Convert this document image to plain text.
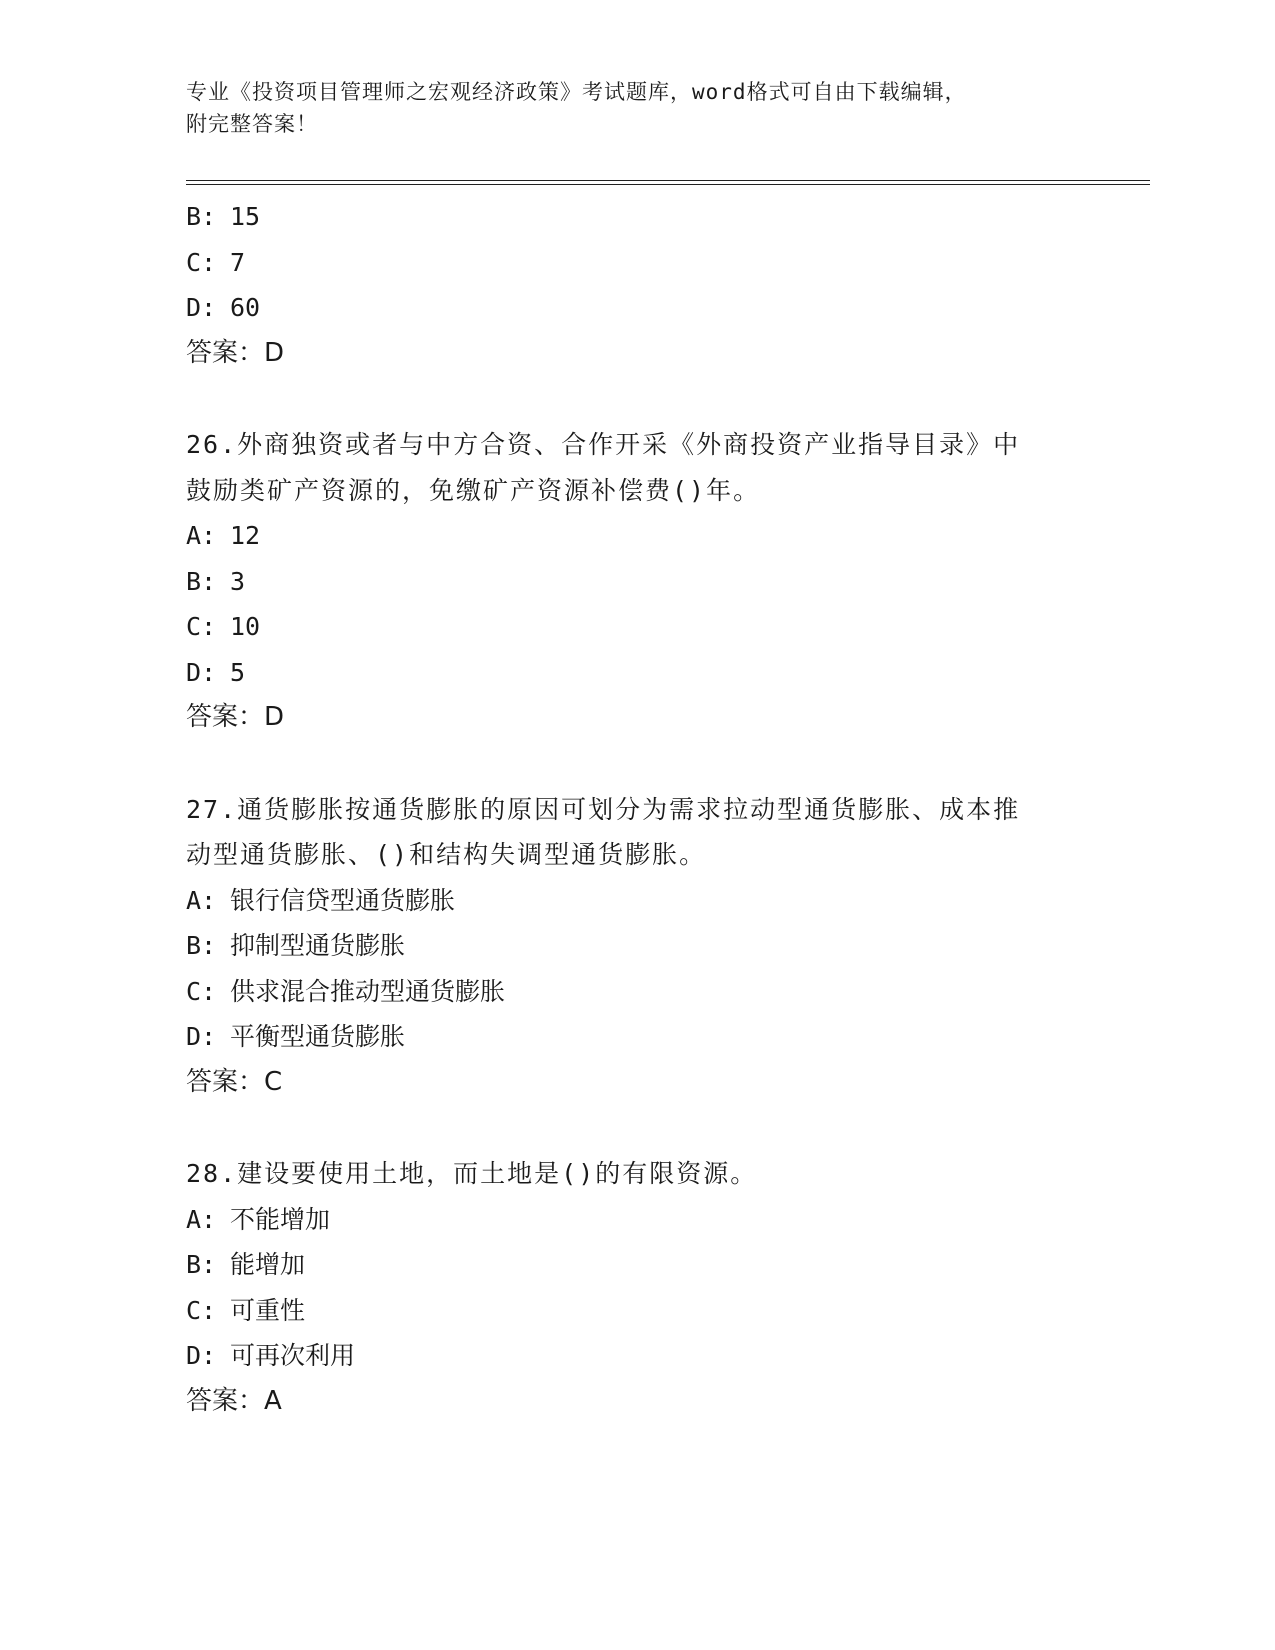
专业《投资项目管理师之宏观经济政策》考试题库，word格式可自由下载编辑，
附完整答案！
B: 15
C: 7
D: 60
答案：D
26.外商独资或者与中方合资、合作开采《外商投资产业指导目录》中
鼓励类矿产资源的，免缴矿产资源补偿费()年。
A: 12
B: 3
C: 10
D: 5
答案：D
27.通货膨胀按通货膨胀的原因可划分为需求拉动型通货膨胀、成本推
动型通货膨胀、()和结构失调型通货膨胀。
A: 银行信贷型通货膨胀
B: 抑制型通货膨胀
C: 供求混合推动型通货膨胀
D: 平衡型通货膨胀
答案：C
28.建设要使用土地，而土地是()的有限资源。
A: 不能增加
B: 能增加
C: 可重性
D: 可再次利用
答案：A
